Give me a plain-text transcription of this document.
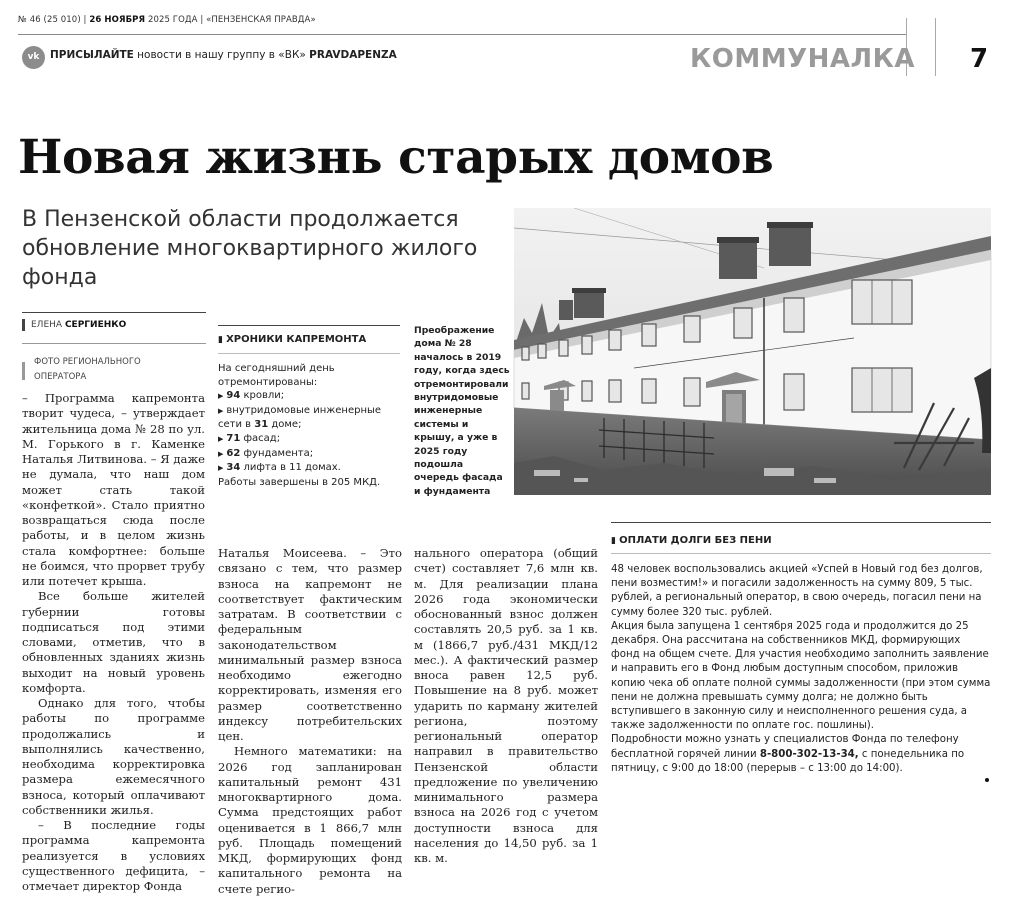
№ 46 (25 010) | 26 НОЯБРЯ 2025 ГОДА | «ПЕНЗЕНСКАЯ ПРАВДА»
vk	ПРИСЫЛАЙТЕ новости в нашу группу в «ВК» PRAVDAPENZA	КОММУНАЛКА 7
Новая жизнь старых домов
В Пензенской области продолжается обновление многоквартирного жилого фонда
ЕЛЕНА СЕРГИЕНКО
ФОТО РЕГИОНАЛЬНОГО
ОПЕРАТОРА

– Программа капремонта творит чудеса, – утверждает жительница дома № 28 по ул. М. Горького в г. Каменке Наталья Литвинова. – Я даже не думала, что наш дом может стать такой «конфеткой». Стало приятно возвращаться сюда после работы, и в целом жизнь стала комфортнее: больше не боимся, что прорвет трубу или потечет крыша.

Все больше жителей губернии готовы подписаться под этими словами, отметив, что в обновленных зданиях жизнь выходит на новый уровень комфорта.

Однако для того, чтобы работы по программе продолжались и выполнялись качественно, необходима корректировка размера ежемесячного взноса, который оплачивают собственники жилья.

– В последние годы программа капремонта реализуется в условиях существенного дефицита, – отмечает директор Фонда

▮ ХРОНИКИ КАПРЕМОНТА
На сегодняшний день отремонтированы:
▶ 94 кровли;
▶ внутридомовые инженерные сети в 31 доме;
▶ 71 фасад;
▶ 62 фундамента;
▶ 34 лифта в 11 домах.
Работы завершены в 205 МКД.
Преображение дома № 28 началось в 2019 году, когда здесь отремонтировали внутридомовые инженерные системы и крышу, а уже в 2025 году подошла очередь фасада и фундамента

Наталья Моисеева. – Это связано с тем, что размер взноса на капремонт не соответствует фактическим затратам. В соответствии с федеральным законодательством минимальный размер взноса необходимо ежегодно корректировать, изменяя его размер соответственно индексу потребительских цен.

Немного математики: на 2026 год запланирован капитальный ремонт 431 многоквартирного дома. Сумма предстоящих работ оценивается в 1 866,7 млн руб. Площадь помещений МКД, формирующих фонд капитального ремонта на счете регио-

нального оператора (общий счет) составляет 7,6 млн кв. м. Для реализации плана 2026 года экономически обоснованный взнос должен составлять 20,5 руб. за 1 кв. м (1866,7 руб./431 МКД/12 мес.). А фактический размер вноса равен 12,5 руб. Повышение на 8 руб. может ударить по карману жителей региона, поэтому региональный оператор направил в правительство Пензенской области предложение по увеличению минимального размера взноса на 2026 год с учетом доступности взноса для населения до 14,50 руб. за 1 кв. м.

▮ ОПЛАТИ ДОЛГИ БЕЗ ПЕНИ
48 человек воспользовались акцией «Успей в Новый год без долгов, пени возместим!» и погасили задолженность на сумму 809, 5 тыс. рублей, а региональный оператор, в свою очередь, погасил пени на сумму более 320 тыс. рублей.
Акция была запущена 1 сентября 2025 года и продолжится до 25 декабря. Она рассчитана на собственников МКД, формирующих фонд на общем счете. Для участия необходимо заполнить заявление и направить его в Фонд любым доступным способом, приложив копию чека об оплате полной суммы задолженности (при этом сумма пени не должна превышать сумму долга; не должно быть вступившего в законную силу и неисполненного решения суда, а также задолженности по оплате гос. пошлины).
Подробности можно узнать у специалистов Фонда по телефону бесплатной горячей линии 8-800-302-13-34, с понедельника по пятницу, с 9:00 до 18:00 (перерыв – с 13:00 до 14:00).
